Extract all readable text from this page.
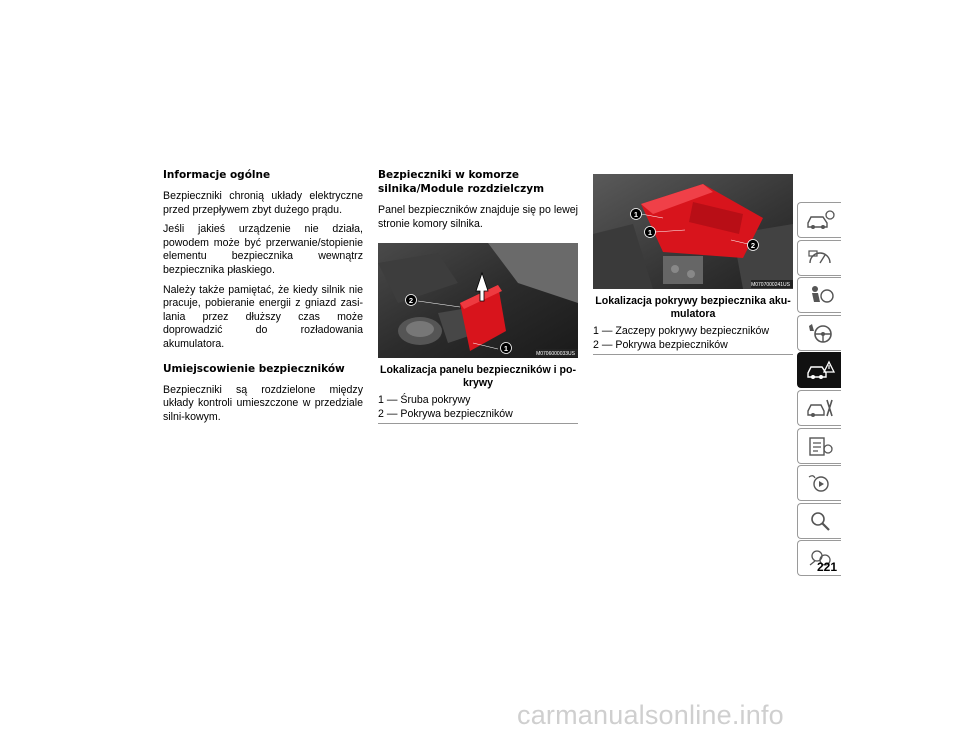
Informacje ogólne

Bezpieczniki chronią układy elektryczne przed przepływem zbyt dużego prądu.

Jeśli jakieś urządzenie nie działa, powodem może być przerwanie/stopienie elementu bezpiecznika wewnątrz bezpiecznika płaskiego.

Należy także pamiętać, że kiedy silnik nie pracuje, pobieranie energii z gniazd zasi-lania przez dłuższy czas może doprowadzić do rozładowania akumulatora.

Umiejscowienie bezpieczników

Bezpieczniki są rozdzielone między układy kontroli umieszczone w przedziale silni-kowym.

Bezpieczniki w komorze silnika/Module rozdzielczym

Panel bezpieczników znajduje się po lewej stronie komory silnika.

2
1
M0706000033US
Lokalizacja panelu bezpieczników i po-krywy
1 — Śruba pokrywy
2 — Pokrywa bezpieczników
1
1
2
M0707000241US
Lokalizacja pokrywy bezpiecznika aku-mulatora
1 — Zaczepy pokrywy bezpieczników
2 — Pokrywa bezpieczników
221
carmanualsonline.info
